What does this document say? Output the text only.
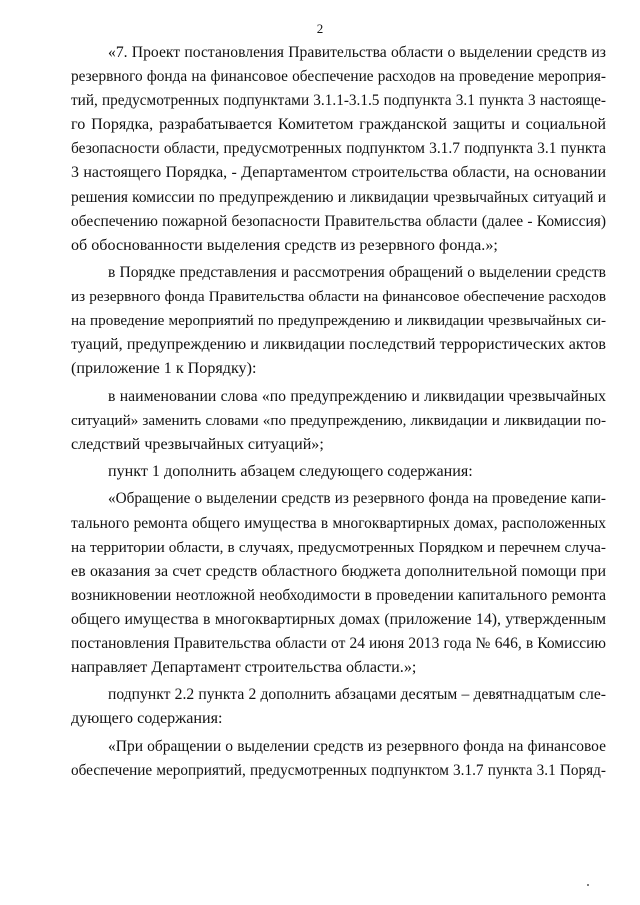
2
«7. Проект постановления Правительства области о выделении средств из
резервного фонда на финансовое обеспечение расходов на проведение мероприя-
тий, предусмотренных подпунктами 3.1.1-3.1.5 подпункта 3.1 пункта 3 настояще-
го Порядка, разрабатывается Комитетом гражданской защиты и социальной
безопасности области, предусмотренных подпунктом 3.1.7 подпункта 3.1 пункта
3 настоящего Порядка, - Департаментом строительства области, на основании
решения комиссии по предупреждению и ликвидации чрезвычайных ситуаций и
обеспечению пожарной безопасности Правительства области (далее - Комиссия)
об обоснованности выделения средств из резервного фонда.»;
в Порядке представления и рассмотрения обращений о выделении средств
из резервного фонда Правительства области на финансовое обеспечение расходов
на проведение мероприятий по предупреждению и ликвидации чрезвычайных си-
туаций, предупреждению и ликвидации последствий террористических актов
(приложение 1 к Порядку):
в наименовании слова «по предупреждению и ликвидации чрезвычайных
ситуаций» заменить словами «по предупреждению, ликвидации и ликвидации по-
следствий чрезвычайных ситуаций»;
пункт 1 дополнить абзацем следующего содержания:
«Обращение о выделении средств из резервного фонда на проведение капи-
тального ремонта общего имущества в многоквартирных домах, расположенных
на территории области, в случаях, предусмотренных Порядком и перечнем случа-
ев оказания за счет средств областного бюджета дополнительной помощи при
возникновении неотложной необходимости в проведении капитального ремонта
общего имущества в многоквартирных домах (приложение 14), утвержденным
постановления Правительства области от 24 июня 2013 года № 646, в Комиссию
направляет Департамент строительства области.»;
подпункт 2.2 пункта 2 дополнить абзацами десятым – девятнадцатым сле-
дующего содержания:
«При обращении о выделении средств из резервного фонда на финансовое
обеспечение мероприятий, предусмотренных подпунктом 3.1.7 пункта 3.1 Поряд-
